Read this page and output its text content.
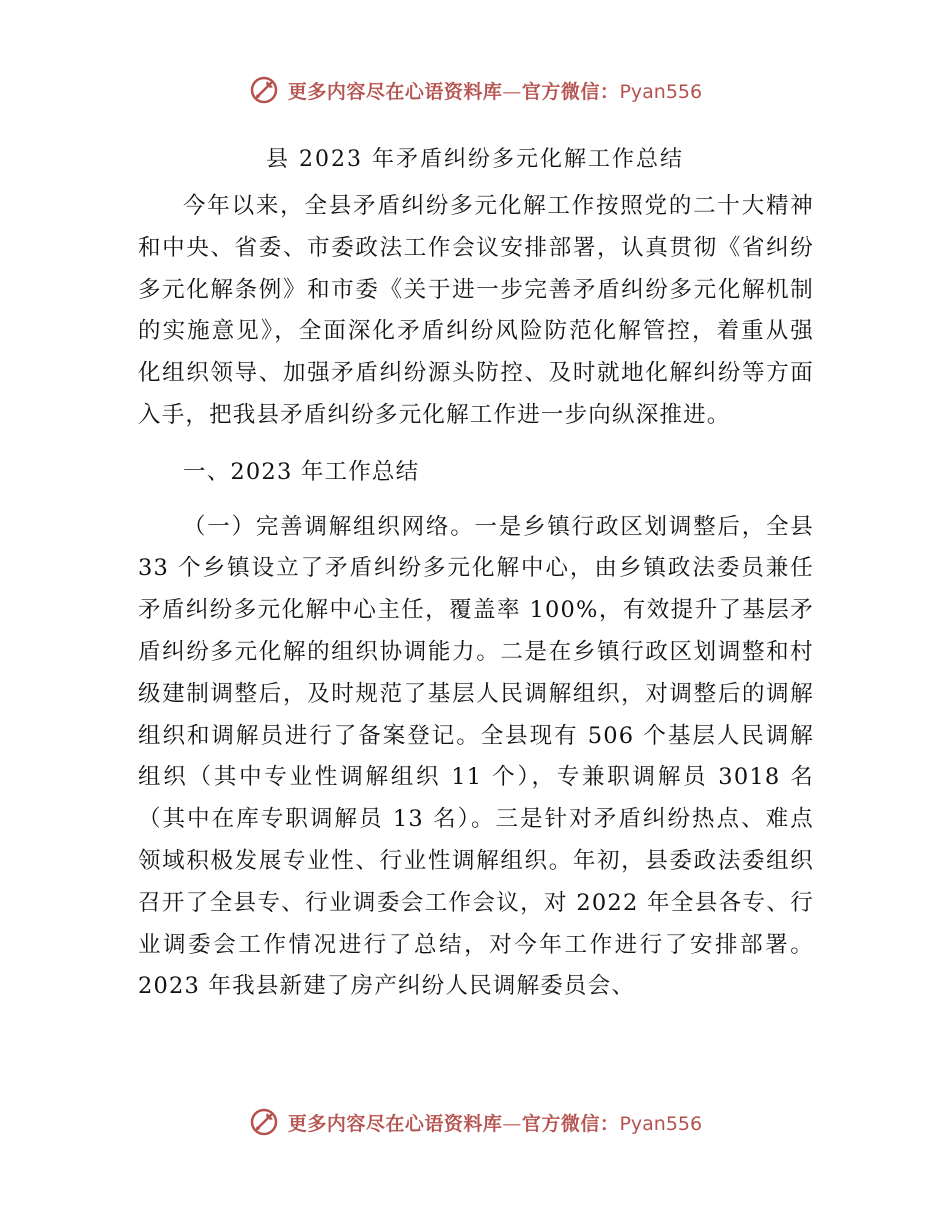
更多内容尽在心语资料库—官方微信：Pyan556
县 2023 年矛盾纠纷多元化解工作总结

今年以来，全县矛盾纠纷多元化解工作按照党的二十大精神和中央、省委、市委政法工作会议安排部署，认真贯彻《省纠纷多元化解条例》和市委《关于进一步完善矛盾纠纷多元化解机制的实施意见》，全面深化矛盾纠纷风险防范化解管控，着重从强化组织领导、加强矛盾纠纷源头防控、及时就地化解纠纷等方面入手，把我县矛盾纠纷多元化解工作进一步向纵深推进。

一、2023 年工作总结

（一）完善调解组织网络。一是乡镇行政区划调整后，全县 33 个乡镇设立了矛盾纠纷多元化解中心，由乡镇政法委员兼任矛盾纠纷多元化解中心主任，覆盖率 100%，有效提升了基层矛盾纠纷多元化解的组织协调能力。二是在乡镇行政区划调整和村级建制调整后，及时规范了基层人民调解组织，对调整后的调解组织和调解员进行了备案登记。全县现有 506 个基层人民调解组织（其中专业性调解组织 11 个），专兼职调解员 3018 名（其中在库专职调解员 13 名）。三是针对矛盾纠纷热点、难点领域积极发展专业性、行业性调解组织。年初，县委政法委组织召开了全县专、行业调委会工作会议，对 2022 年全县各专、行业调委会工作情况进行了总结，对今年工作进行了安排部署。2023 年我县新建了房产纠纷人民调解委员会、

更多内容尽在心语资料库—官方微信：Pyan556
